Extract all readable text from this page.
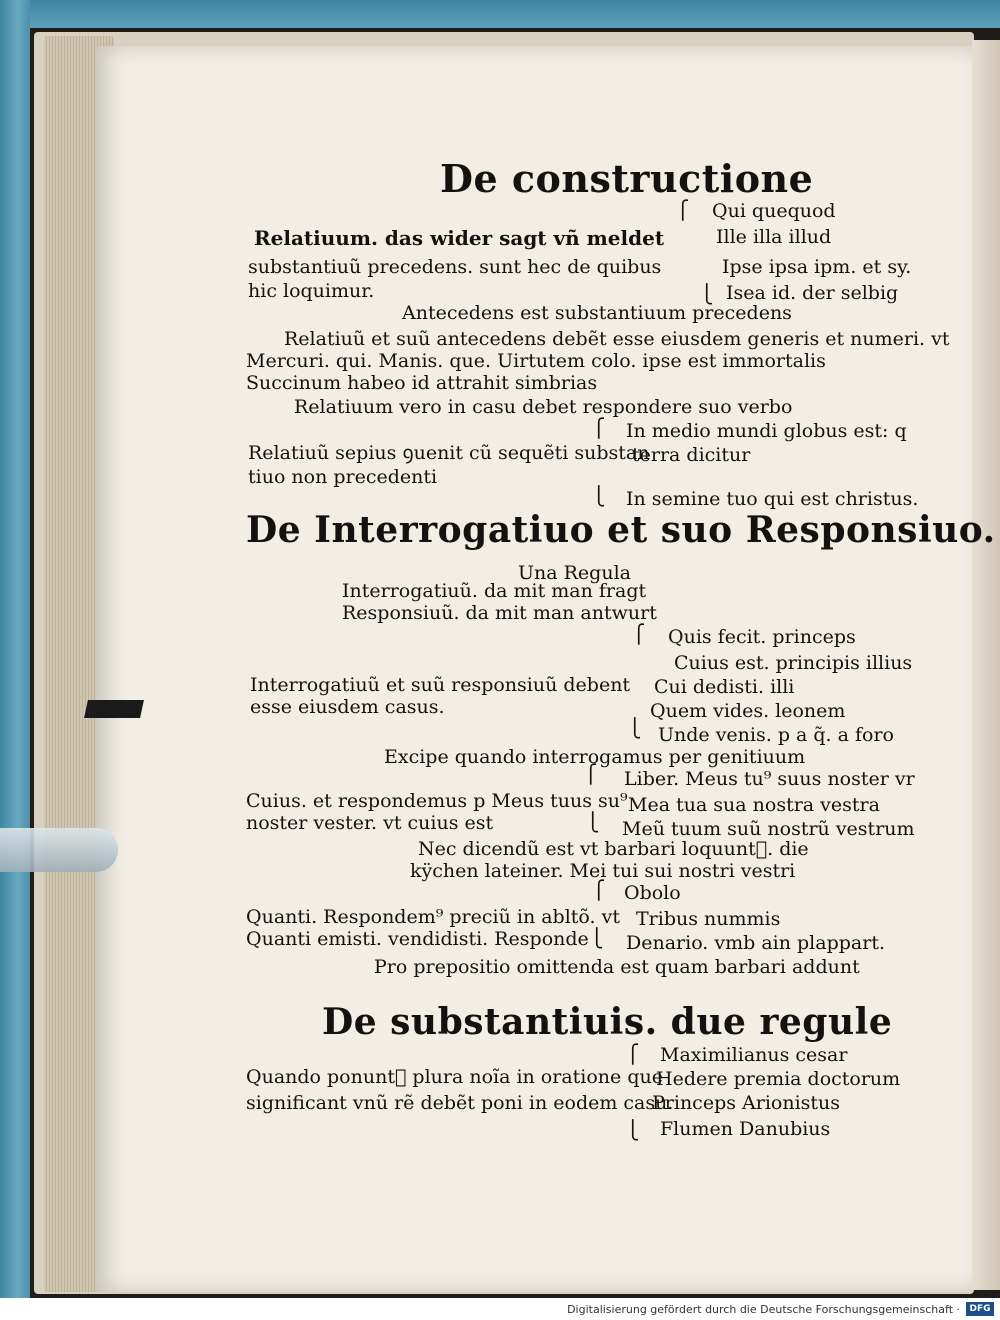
De constructione
De Interrogatiuo et suo Responsiuo.
De substantiuis. due regule
⎧
⎩
⎧
⎩
⎧
⎩
⎧
⎩
⎧
⎩
⎧
⎩
Qui quequod
Relatiuum. das wider sagt vñ meldet	Ille illa illud
substantiuũ precedens. sunt hec de quibus	Ipse ipsa ipm. et sy.
hic loquimur.	Isea id. der selbig
Antecedens est substantiuum precedens
Relatiuũ et suũ antecedens debẽt esse eiusdem generis et numeri. vt
Mercuri. qui. Manis. que. Uirtutem colo. ipse est immortalis
Succinum habeo id attrahit simbrias
Relatiuum vero in casu debet respondere suo verbo
In medio mundi globus est: q
Relatiuũ sepius ꝯuenit cũ sequẽti substan
terra dicitur
tiuo non precedenti
In semine tuo qui est christus.
Una Regula
Interrogatiuũ. da mit man fragt
Responsiuũ. da mit man antwurt
Quis fecit. princeps
Cuius est. principis illius
Interrogatiuũ et suũ responsiuũ debent Cui dedisti. illi
esse eiusdem casus.	Quem vides. leonem
Unde venis. p a q̃. a foro
Excipe quando interrogamus per genitiuum
Liber. Meus tu⁹ suus noster vr
Cuius. et respondemus p Meus tuus su⁹ Mea tua sua nostra vestra
noster vester. vt cuius est	Meũ tuum suũ nostrũ vestrum
Nec dicendũ est vt barbari loquunt᷑. die
kÿchen lateiner. Mei tui sui nostri vestri
Obolo
Quanti. Respondem⁹ preciũ in abltõ. vt Tribus nummis
Quanti emisti. vendidisti. Responde Denario. vmb ain plappart.
Pro prepositio omittenda est quam barbari addunt
Maximilianus cesar
Quando ponunt᷑ plura noĩa in oratione que
Hedere premia doctorum
significant vnũ rẽ debẽt poni in eodem casu.
Princeps Arionistus
Flumen Danubius
Digitalisierung gefördert durch die Deutsche Forschungsgemeinschaft ·	DFG
